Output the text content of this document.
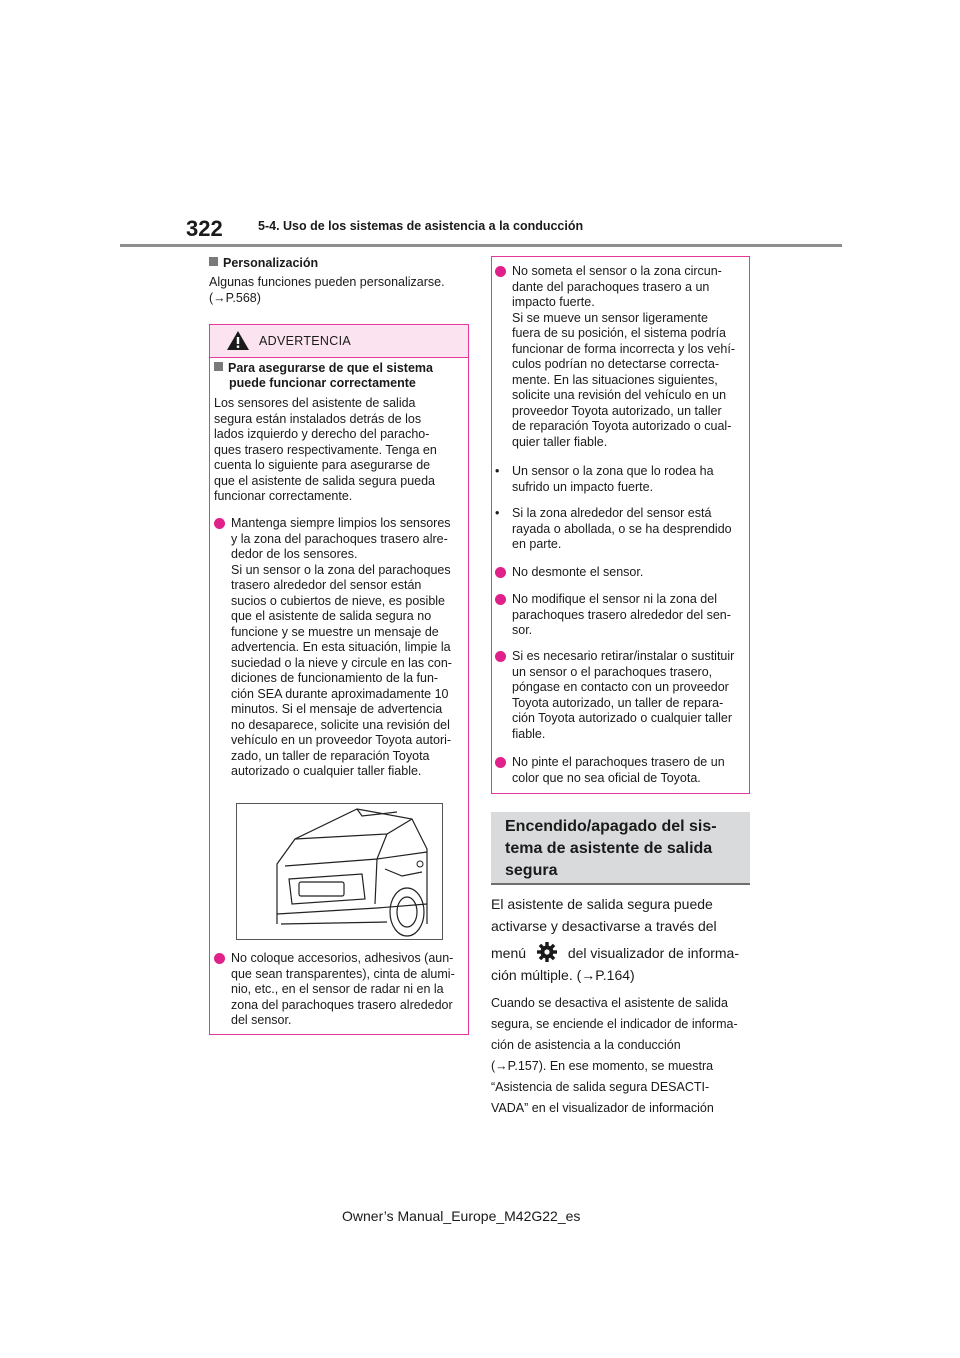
322	5-4. Uso de los sistemas de asistencia a la conducción
Personalización
Algunas funciones pueden personalizarse.
(→P.568)
ADVERTENCIA
Para asegurarse de que el sistema
puede funcionar correctamente
Los sensores del asistente de salida
segura están instalados detrás de los
lados izquierdo y derecho del paracho-
ques trasero respectivamente. Tenga en
cuenta lo siguiente para asegurarse de
que el asistente de salida segura pueda
funcionar correctamente.
Mantenga siempre limpios los sensores
y la zona del parachoques trasero alre-
dedor de los sensores.
Si un sensor o la zona del parachoques
trasero alrededor del sensor están
sucios o cubiertos de nieve, es posible
que el asistente de salida segura no
funcione y se muestre un mensaje de
advertencia. En esta situación, limpie la
suciedad o la nieve y circule en las con-
diciones de funcionamiento de la fun-
ción SEA durante aproximadamente 10
minutos. Si el mensaje de advertencia
no desaparece, solicite una revisión del
vehículo en un proveedor Toyota autori-
zado, un taller de reparación Toyota
autorizado o cualquier taller fiable.
No coloque accesorios, adhesivos (aun-
que sean transparentes), cinta de alumi-
nio, etc., en el sensor de radar ni en la
zona del parachoques trasero alrededor
del sensor.
No someta el sensor o la zona circun-
dante del parachoques trasero a un
impacto fuerte.
Si se mueve un sensor ligeramente
fuera de su posición, el sistema podría
funcionar de forma incorrecta y los vehí-
culos podrían no detectarse correcta-
mente. En las situaciones siguientes,
solicite una revisión del vehículo en un
proveedor Toyota autorizado, un taller
de reparación Toyota autorizado o cual-
quier taller fiable.
• Un sensor o la zona que lo rodea ha
sufrido un impacto fuerte.
• Si la zona alrededor del sensor está
rayada o abollada, o se ha desprendido
en parte.
No desmonte el sensor.
No modifique el sensor ni la zona del
parachoques trasero alrededor del sen-
sor.
Si es necesario retirar/instalar o sustituir
un sensor o el parachoques trasero,
póngase en contacto con un proveedor
Toyota autorizado, un taller de repara-
ción Toyota autorizado o cualquier taller
fiable.
No pinte el parachoques trasero de un
color que no sea oficial de Toyota.
Encendido/apagado del sis-
tema de asistente de salida
segura
El asistente de salida segura puede
activarse y desactivarse a través del
menú	del visualizador de informa-
ción múltiple. (→P.164)
Cuando se desactiva el asistente de salida
segura, se enciende el indicador de informa-
ción de asistencia a la conducción
(→P.157). En ese momento, se muestra
“Asistencia de salida segura DESACTI-
VADA” en el visualizador de información
Owner’s Manual_Europe_M42G22_es
